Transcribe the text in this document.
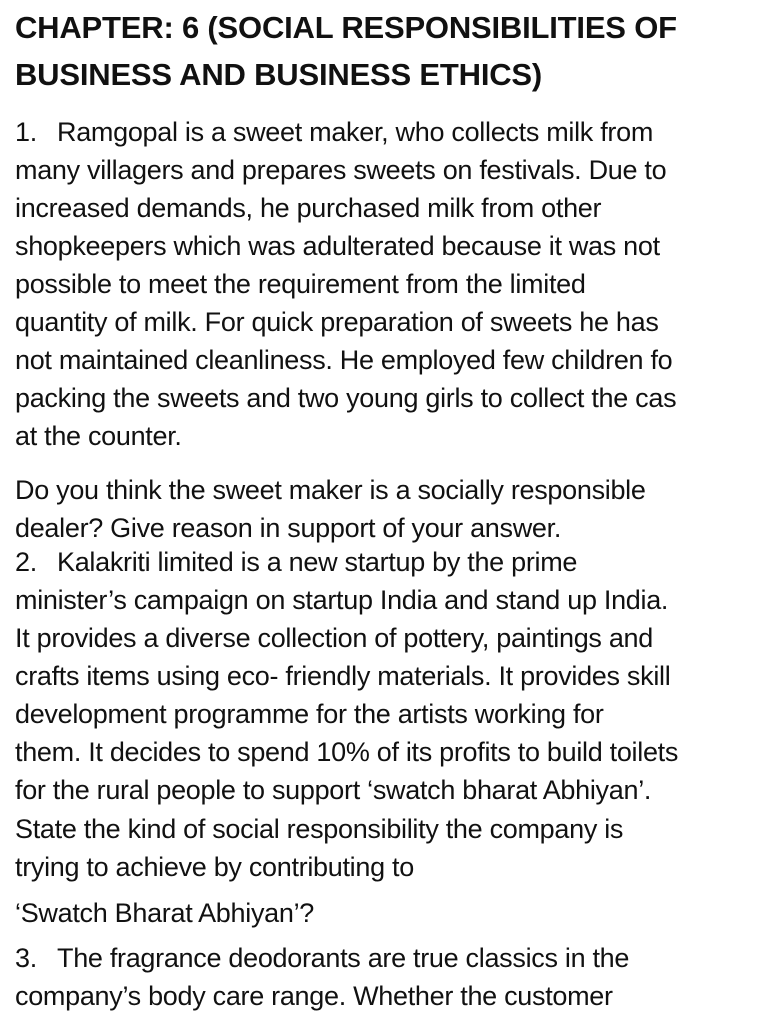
CHAPTER: 6 (SOCIAL RESPONSIBILITIES OF
BUSINESS AND BUSINESS ETHICS)

1. Ramgopal is a sweet maker, who collects milk from
many villagers and prepares sweets on festivals. Due to
increased demands, he purchased milk from other
shopkeepers which was adulterated because it was not
possible to meet the requirement from the limited
quantity of milk. For quick preparation of sweets he has
not maintained cleanliness. He employed few children fo
packing the sweets and two young girls to collect the cas
at the counter.

Do you think the sweet maker is a socially responsible
dealer? Give reason in support of your answer.

2. Kalakriti limited is a new startup by the prime
minister’s campaign on startup India and stand up India.
It provides a diverse collection of pottery, paintings and
crafts items using eco- friendly materials. It provides skill
development programme for the artists working for
them. It decides to spend 10% of its profits to build toilets
for the rural people to support ‘swatch bharat Abhiyan’.

State the kind of social responsibility the company is
trying to achieve by contributing to

‘Swatch Bharat Abhiyan’?

3. The fragrance deodorants are true classics in the
company’s body care range. Whether the customer
